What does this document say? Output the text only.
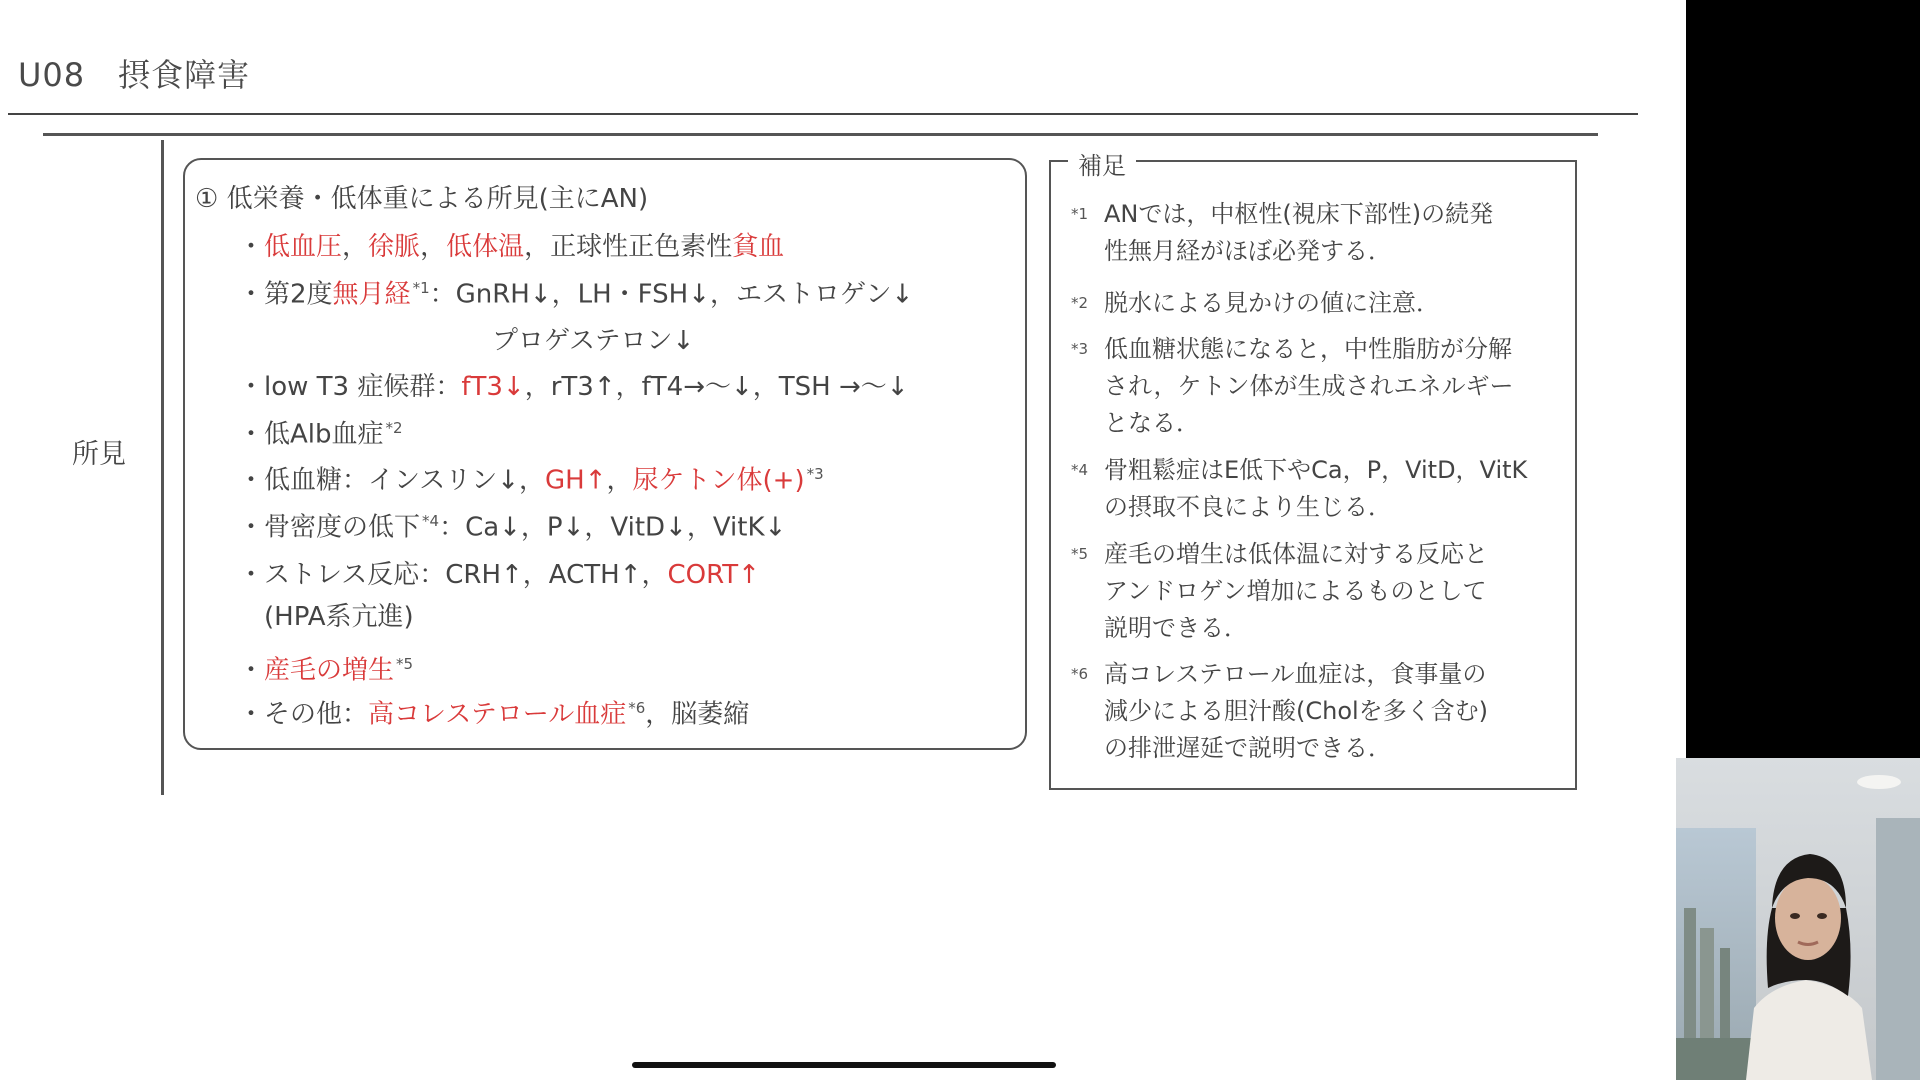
U08　摂食障害
所見
① 低栄養・低体重による所見(主にAN)
・低血圧，徐脈，低体温，正球性正色素性貧血
・第2度無月経 $^{*1}$：GnRH↓，LH・FSH↓，エストロゲン↓
プロゲステロン↓
・low T3 症候群：fT3↓，rT3↑，fT4→〜↓，TSH →〜↓
・低Alb血症 $^{*2}$
・低血糖：インスリン↓，GH↑，尿ケトン体(+) $^{*3}$
・骨密度の低下 $^{*4}$：Ca↓，P↓，VitD↓，VitK↓
・ストレス反応：CRH↑，ACTH↑，CORT↑
(HPA系亢進)
・産毛の増生 $^{*5}$
・その他：高コレステロール血症 $^{*6}$，脳萎縮
補足
*1 ANでは，中枢性(視床下部性)の続発
性無月経がほぼ必発する．
*2 脱水による見かけの値に注意．
*3 低血糖状態になると，中性脂肪が分解
され，ケトン体が生成されエネルギー
となる．
*4 骨粗鬆症はE低下やCa，P，VitD，VitK
の摂取不良により生じる．
*5 産毛の増生は低体温に対する反応と
アンドロゲン増加によるものとして
説明できる．
*6 高コレステロール血症は，食事量の
減少による胆汁酸(Cholを多く含む)
の排泄遅延で説明できる．
